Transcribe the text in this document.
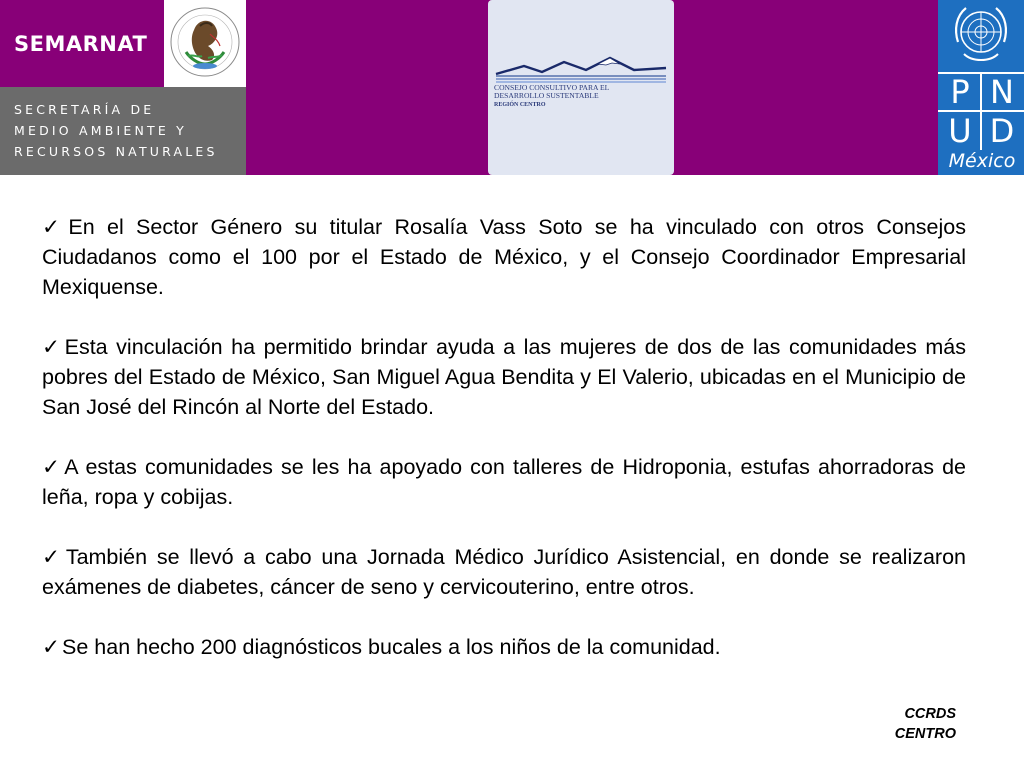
SEMARNAT
SECRETARÍA DE
MEDIO AMBIENTE Y
RECURSOS NATURALES
CONSEJO CONSULTIVO PARA EL
DESARROLLO SUSTENTABLE
REGIÓN CENTRO	P N
U D
México

✓En el Sector Género su titular Rosalía Vass Soto se ha vinculado con otros Consejos Ciudadanos como el 100 por el Estado de México, y el Consejo Coordinador Empresarial Mexiquense.

✓Esta vinculación ha permitido brindar ayuda a las mujeres de dos de las comunidades más pobres del Estado de México, San Miguel Agua Bendita y El Valerio, ubicadas en el Municipio de San José del Rincón al Norte del Estado.

✓A estas comunidades se les ha apoyado con talleres de Hidroponia, estufas ahorradoras de leña, ropa y cobijas.

✓También se llevó a cabo una Jornada Médico Jurídico Asistencial, en donde se realizaron exámenes de diabetes, cáncer de seno y cervicouterino, entre otros.

✓Se han hecho 200 diagnósticos bucales a los niños de la comunidad.

CCRDS
CENTRO
